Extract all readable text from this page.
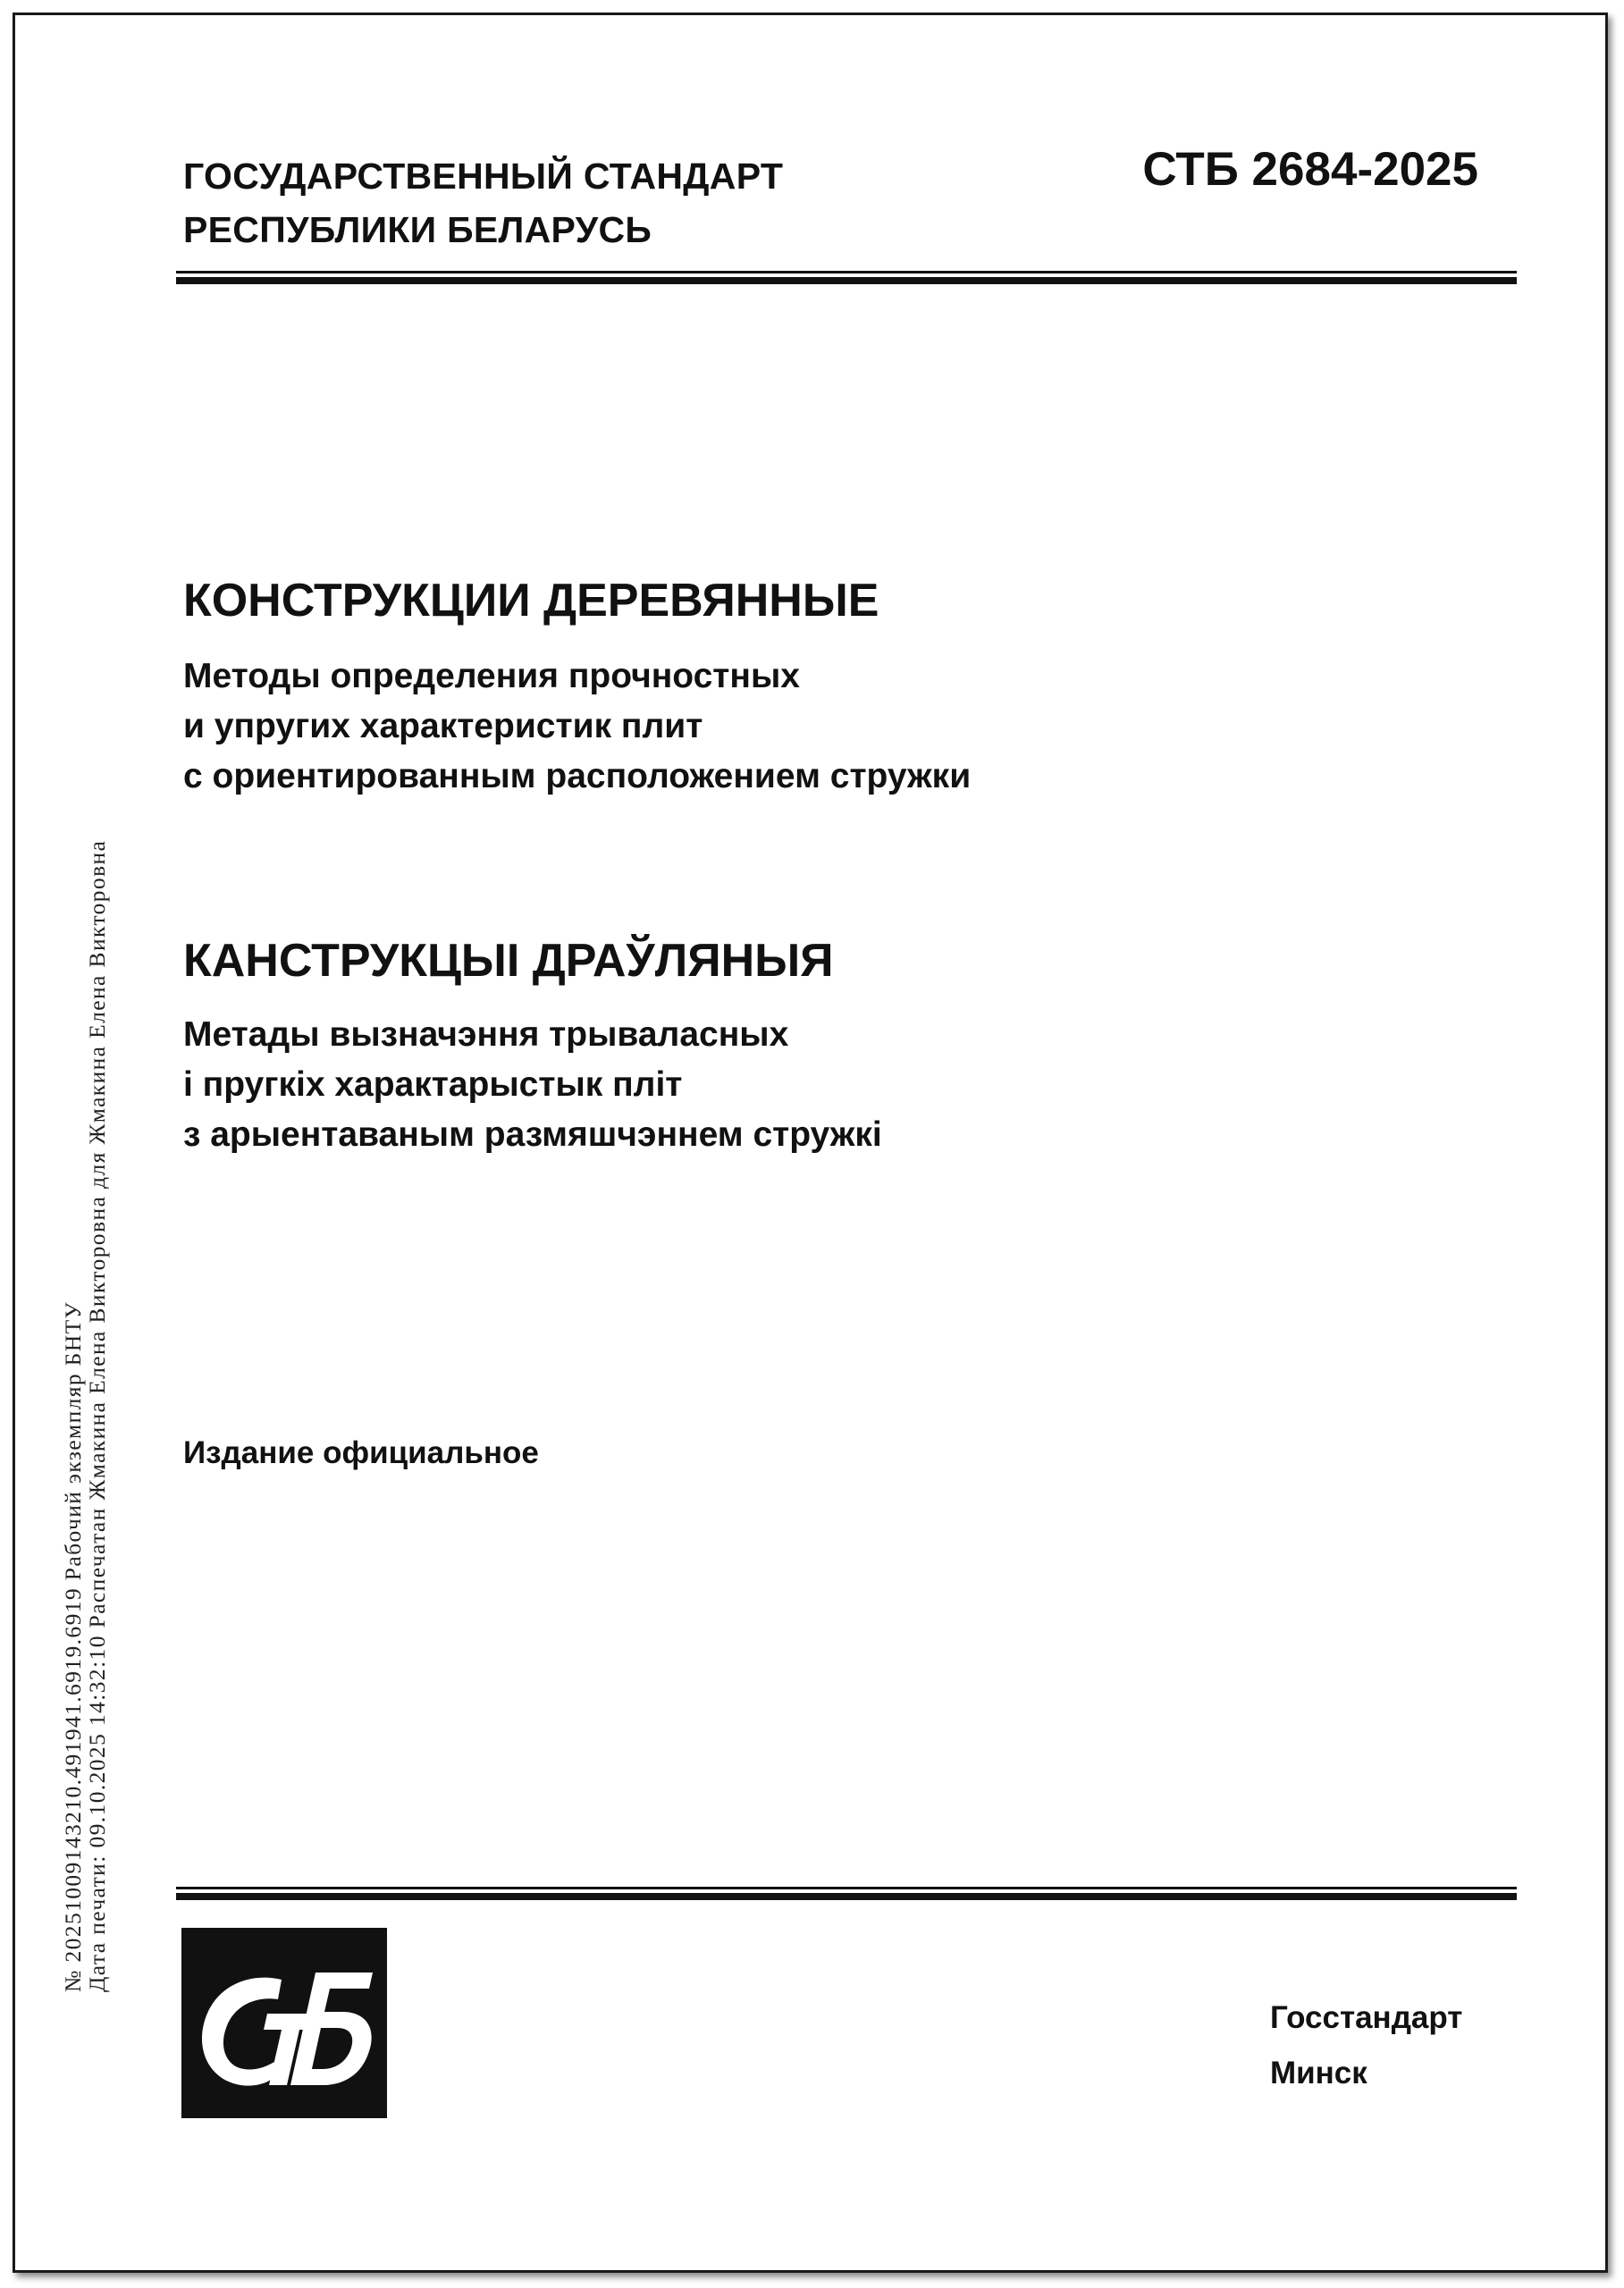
ГОСУДАРСТВЕННЫЙ СТАНДАРТ
РЕСПУБЛИКИ БЕЛАРУСЬ
СТБ 2684-2025
КОНСТРУКЦИИ ДЕРЕВЯННЫЕ
Методы определения прочностных
и упругих характеристик плит
с ориентированным расположением стружки
КАНСТРУКЦЫІ ДРАЎЛЯНЫЯ
Метады вызначэння трываласных
і пругкіх характарыстык пліт
з арыентаваным размяшчэннем стружкі
Издание официальное
Госстандарт
Минск
№ 20251009143210.491941.6919.6919 Рабочий экземпляр БНТУ
Дата печати: 09.10.2025 14:32:10 Распечатан Жмакина Елена Викторовна для Жмакина Елена Викторовна
